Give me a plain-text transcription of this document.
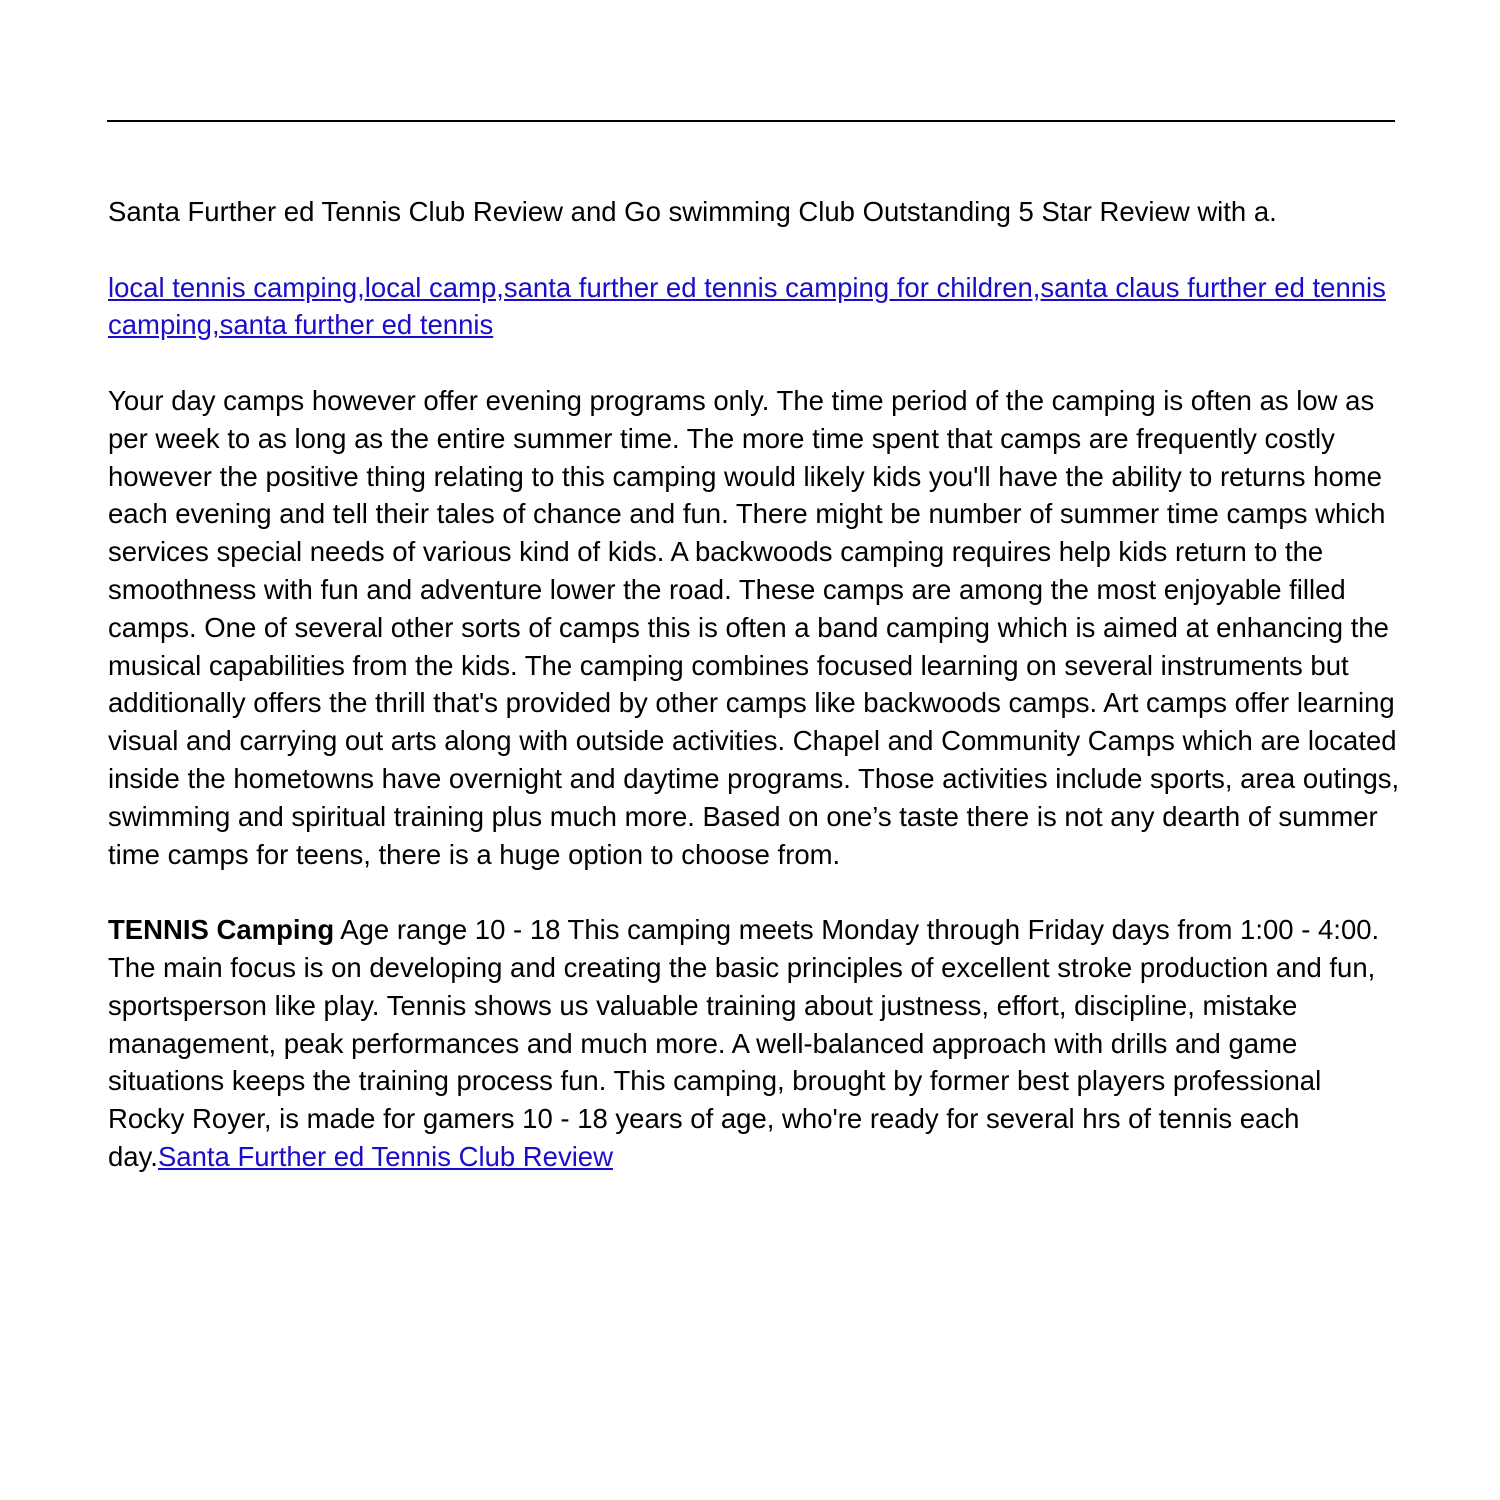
Santa Further ed Tennis Club Review and Go swimming Club Outstanding 5 Star Review with a.

local tennis camping,local camp,santa further ed tennis camping for children,santa claus further ed tennis camping,santa further ed tennis

Your day camps however offer evening programs only. The time period of the camping is often as low as per week to as long as the entire summer time. The more time spent that camps are frequently costly however the positive thing relating to this camping would likely kids you'll have the ability to returns home each evening and tell their tales of chance and fun. There might be number of summer time camps which services special needs of various kind of kids. A backwoods camping requires help kids return to the smoothness with fun and adventure lower the road. These camps are among the most enjoyable filled camps. One of several other sorts of camps this is often a band camping which is aimed at enhancing the musical capabilities from the kids. The camping combines focused learning on several instruments but additionally offers the thrill that's provided by other camps like backwoods camps. Art camps offer learning visual and carrying out arts along with outside activities. Chapel and Community Camps which are located inside the hometowns have overnight and daytime programs. Those activities include sports, area outings, swimming and spiritual training plus much more. Based on one’s taste there is not any dearth of summer time camps for teens, there is a huge option to choose from.

TENNIS Camping Age range 10 - 18 This camping meets Monday through Friday days from 1:00 - 4:00. The main focus is on developing and creating the basic principles of excellent stroke production and fun, sportsperson like play. Tennis shows us valuable training about justness, effort, discipline, mistake management, peak performances and much more. A well-balanced approach with drills and game situations keeps the training process fun. This camping, brought by former best players professional Rocky Royer, is made for gamers 10 - 18 years of age, who're ready for several hrs of tennis each day.Santa Further ed Tennis Club Review
